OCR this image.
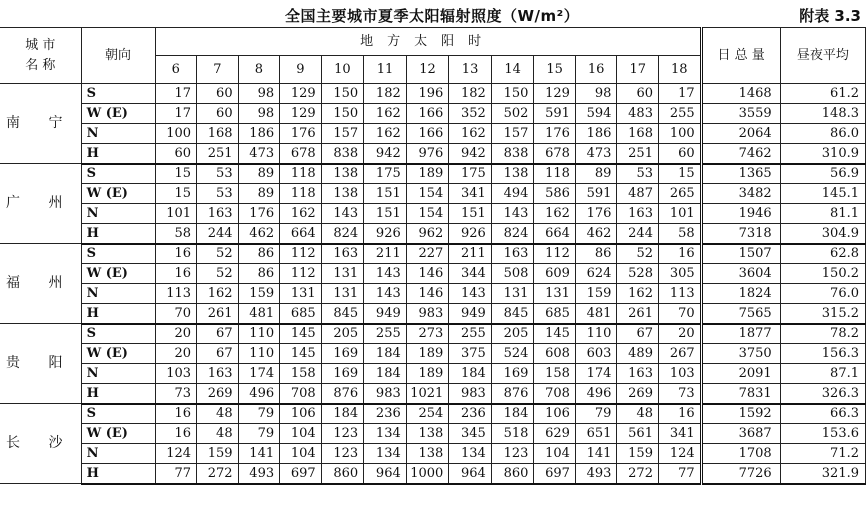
全国主要城市夏季太阳辐射照度（W/m²）	附表 3.3
城 市
名 称	朝向	地方太阳时													日 总 量	昼夜平均
		6	7	8	9	10	11	12	13	14	15	16	17	18		
南 宁	S	17	60	98	129	150	182	196	182	150	129	98	60	17	1468	61.2
	W (E)	17	60	98	129	150	162	166	352	502	591	594	483	255	3559	148.3
	N	100	168	186	176	157	162	166	162	157	176	186	168	100	2064	86.0
	H	60	251	473	678	838	942	976	942	838	678	473	251	60	7462	310.9
广 州	S	15	53	89	118	138	175	189	175	138	118	89	53	15	1365	56.9
	W (E)	15	53	89	118	138	151	154	341	494	586	591	487	265	3482	145.1
	N	101	163	176	162	143	151	154	151	143	162	176	163	101	1946	81.1
	H	58	244	462	664	824	926	962	926	824	664	462	244	58	7318	304.9
福 州	S	16	52	86	112	163	211	227	211	163	112	86	52	16	1507	62.8
	W (E)	16	52	86	112	131	143	146	344	508	609	624	528	305	3604	150.2
	N	113	162	159	131	131	143	146	143	131	131	159	162	113	1824	76.0
	H	70	261	481	685	845	949	983	949	845	685	481	261	70	7565	315.2
贵 阳	S	20	67	110	145	205	255	273	255	205	145	110	67	20	1877	78.2
	W (E)	20	67	110	145	169	184	189	375	524	608	603	489	267	3750	156.3
	N	103	163	174	158	169	184	189	184	169	158	174	163	103	2091	87.1
	H	73	269	496	708	876	983	1021	983	876	708	496	269	73	7831	326.3
长 沙	S	16	48	79	106	184	236	254	236	184	106	79	48	16	1592	66.3
	W (E)	16	48	79	104	123	134	138	345	518	629	651	561	341	3687	153.6
	N	124	159	141	104	123	134	138	134	123	104	141	159	124	1708	71.2
	H	77	272	493	697	860	964	1000	964	860	697	493	272	77	7726	321.9
